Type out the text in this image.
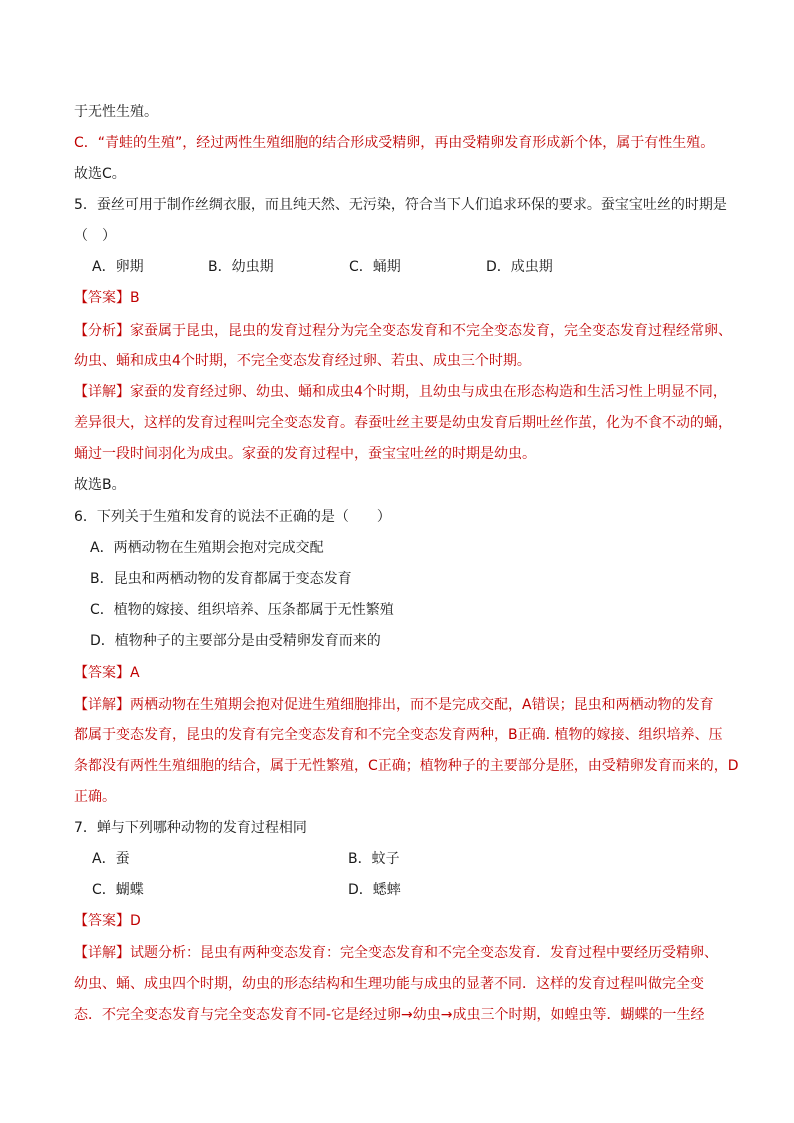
于无性生殖。
C．“青蛙的生殖”，经过两性生殖细胞的结合形成受精卵，再由受精卵发育形成新个体，属于有性生殖。
故选C。
5．蚕丝可用于制作丝绸衣服，而且纯天然、无污染，符合当下人们追求环保的要求。蚕宝宝吐丝的时期是
（　）
A．卵期	B．幼虫期	C．蛹期	D．成虫期
【答案】B
【分析】家蚕属于昆虫，昆虫的发育过程分为完全变态发育和不完全变态发育，完全变态发育过程经常卵、
幼虫、蛹和成虫4个时期，不完全变态发育经过卵、若虫、成虫三个时期。
【详解】家蚕的发育经过卵、幼虫、蛹和成虫4个时期，且幼虫与成虫在形态构造和生活习性上明显不同，
差异很大，这样的发育过程叫完全变态发育。春蚕吐丝主要是幼虫发育后期吐丝作茧，化为不食不动的蛹，
蛹过一段时间羽化为成虫。家蚕的发育过程中，蚕宝宝吐丝的时期是幼虫。
故选B。
6．下列关于生殖和发育的说法不正确的是（　　）
A．两栖动物在生殖期会抱对完成交配
B．昆虫和两栖动物的发育都属于变态发育
C．植物的嫁接、组织培养、压条都属于无性繁殖
D．植物种子的主要部分是由受精卵发育而来的
【答案】A
【详解】两栖动物在生殖期会抱对促进生殖细胞排出，而不是完成交配，A错误；昆虫和两栖动物的发育
都属于变态发育，昆虫的发育有完全变态发育和不完全变态发育两种，B正确. 植物的嫁接、组织培养、压
条都没有两性生殖细胞的结合，属于无性繁殖，C正确；植物种子的主要部分是胚，由受精卵发育而来的，D
正确。
7．蝉与下列哪种动物的发育过程相同
A．蚕	B．蚊子
C．蝴蝶	D．蟋蟀
【答案】D
【详解】试题分析：昆虫有两种变态发育：完全变态发育和不完全变态发育．发育过程中要经历受精卵、
幼虫、蛹、成虫四个时期，幼虫的形态结构和生理功能与成虫的显著不同．这样的发育过程叫做完全变
态．不完全变态发育与完全变态发育不同-它是经过卵→幼虫→成虫三个时期，如蝗虫等．蝴蝶的一生经
